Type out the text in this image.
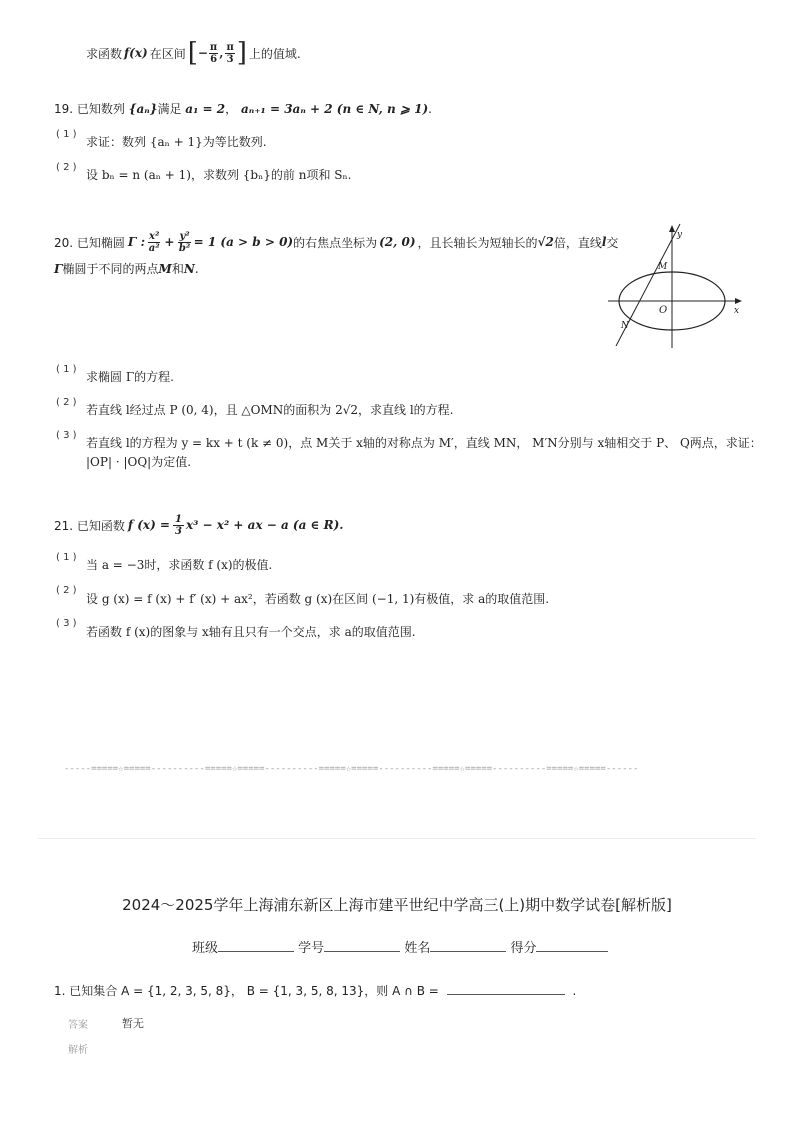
求函数 f(x) 在区间 [ − $\frac{\pi}{6}$ , π
3 ] 上的值域.
19. 已知数列 {aₙ}满足 a₁ = 2， aₙ₊₁ = 3aₙ + 2 (n ∈ N, n ⩾ 1).
( 1 )
求证：数列 {aₙ + 1}为等比数列.
( 2 )
设 bₙ = n (aₙ + 1)，求数列 {bₙ}的前 n项和 Sₙ.
20. 已知椭圆 Γ : x²
$a^2 + \frac{\text{y²}}{\text{b²}} = 1$ (a > b > 0) 的右焦点坐标为 (2, 0) ，且长轴长为短轴长的 √2 倍，直线 l 交
Γ椭圆于不同的两点M和N.
y
x
O
M
N
( 1 )
求椭圆 Γ的方程.
( 2 )
若直线 l经过点 P (0, 4)，且 △OMN的面积为 2√2，求直线 l的方程.
( 3 )
若直线 l的方程为 y = kx + t (k ≠ 0)，点 M关于 x轴的对称点为 M′，直线 MN， M′N分别与 x轴相交于 P、 Q两点，求证：
|OP| · |OQ|为定值.
21. 已知函数 f $(x) = \frac{1}{3} x^3 - x^2$ + ax − a (a ∈ R).
( 1 )
当 a = −3时，求函数 f (x)的极值.
( 2 )
设 g (x) = f (x) + f′ (x) + ax²，若函数 g (x)在区间 (−1, 1)有极值，求 a的取值范围.
( 3 )
若函数 f (x)的图象与 x轴有且只有一个交点，求 a的取值范围.
-----=====☆=====----------=====☆=====----------=====☆=====----------=====☆=====----------=====☆=====------
2024～2025学年上海浦东新区上海市建平世纪中学高三(上)期中数学试卷[解析版]
班级	学号	姓名	得分
1. 已知集合 A = {1, 2, 3, 5, 8}， B = {1, 3, 5, 8, 13}，则 A ∩ B =	.
答案	暂无
解析
